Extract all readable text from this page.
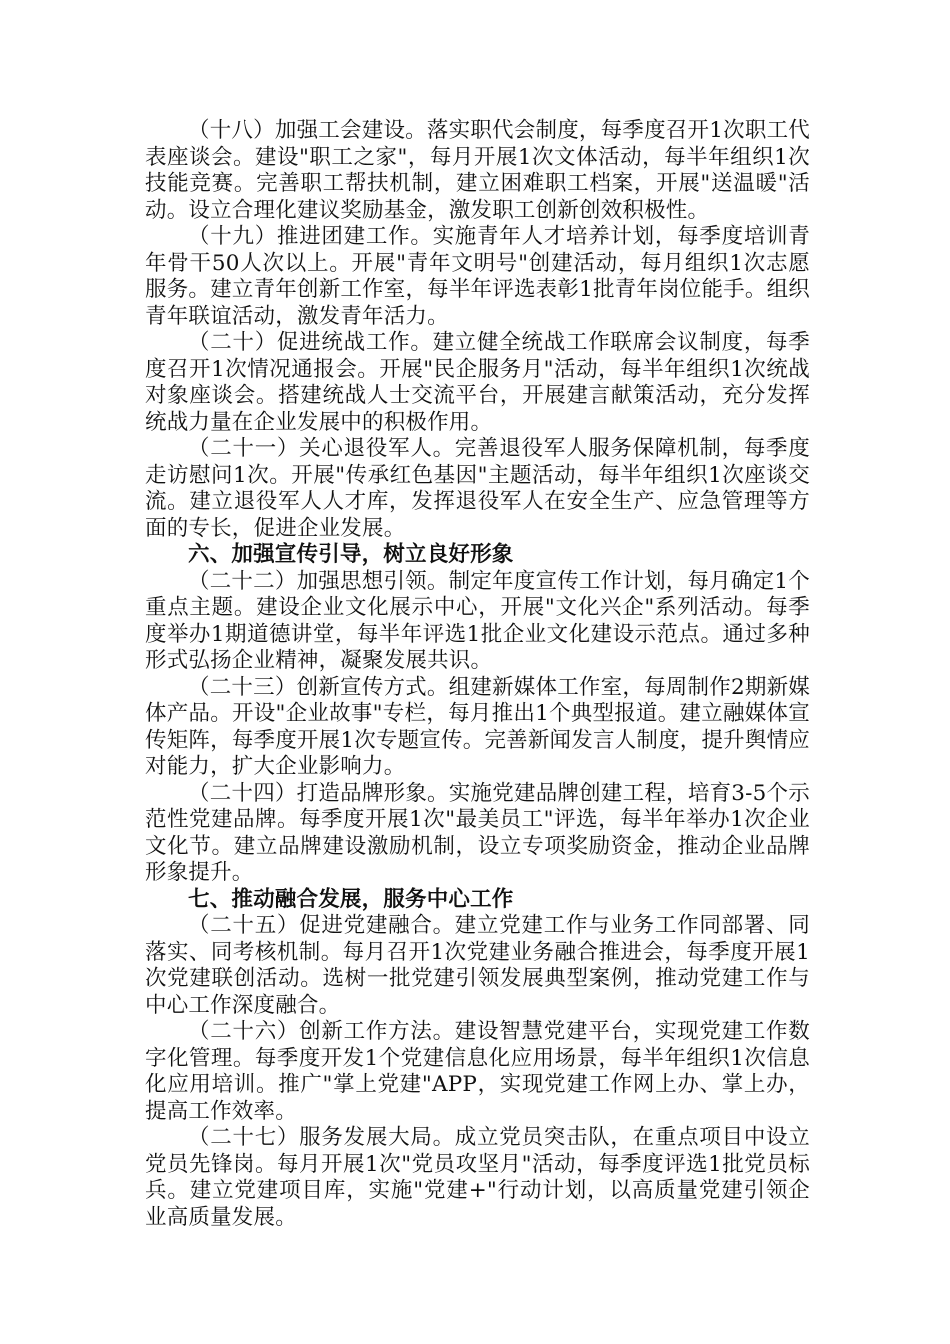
（十八）加强工会建设。落实职代会制度，每季度召开1次职工代表座谈会。建设"职工之家"，每月开展1次文体活动，每半年组织1次技能竞赛。完善职工帮扶机制，建立困难职工档案，开展"送温暖"活动。设立合理化建议奖励基金，激发职工创新创效积极性。

（十九）推进团建工作。实施青年人才培养计划，每季度培训青年骨干50人次以上。开展"青年文明号"创建活动，每月组织1次志愿服务。建立青年创新工作室，每半年评选表彰1批青年岗位能手。组织青年联谊活动，激发青年活力。

（二十）促进统战工作。建立健全统战工作联席会议制度，每季度召开1次情况通报会。开展"民企服务月"活动，每半年组织1次统战对象座谈会。搭建统战人士交流平台，开展建言献策活动，充分发挥统战力量在企业发展中的积极作用。

（二十一）关心退役军人。完善退役军人服务保障机制，每季度走访慰问1次。开展"传承红色基因"主题活动，每半年组织1次座谈交流。建立退役军人人才库，发挥退役军人在安全生产、应急管理等方面的专长，促进企业发展。

六、加强宣传引导，树立良好形象

（二十二）加强思想引领。制定年度宣传工作计划，每月确定1个重点主题。建设企业文化展示中心，开展"文化兴企"系列活动。每季度举办1期道德讲堂，每半年评选1批企业文化建设示范点。通过多种形式弘扬企业精神，凝聚发展共识。

（二十三）创新宣传方式。组建新媒体工作室，每周制作2期新媒体产品。开设"企业故事"专栏，每月推出1个典型报道。建立融媒体宣传矩阵，每季度开展1次专题宣传。完善新闻发言人制度，提升舆情应对能力，扩大企业影响力。

（二十四）打造品牌形象。实施党建品牌创建工程，培育3-5个示范性党建品牌。每季度开展1次"最美员工"评选，每半年举办1次企业文化节。建立品牌建设激励机制，设立专项奖励资金，推动企业品牌形象提升。

七、推动融合发展，服务中心工作

（二十五）促进党建融合。建立党建工作与业务工作同部署、同落实、同考核机制。每月召开1次党建业务融合推进会，每季度开展1次党建联创活动。选树一批党建引领发展典型案例，推动党建工作与中心工作深度融合。

（二十六）创新工作方法。建设智慧党建平台，实现党建工作数字化管理。每季度开发1个党建信息化应用场景，每半年组织1次信息化应用培训。推广"掌上党建"APP，实现党建工作网上办、掌上办，提高工作效率。

（二十七）服务发展大局。成立党员突击队，在重点项目中设立党员先锋岗。每月开展1次"党员攻坚月"活动，每季度评选1批党员标兵。建立党建项目库，实施"党建+"行动计划，以高质量党建引领企业高质量发展。
